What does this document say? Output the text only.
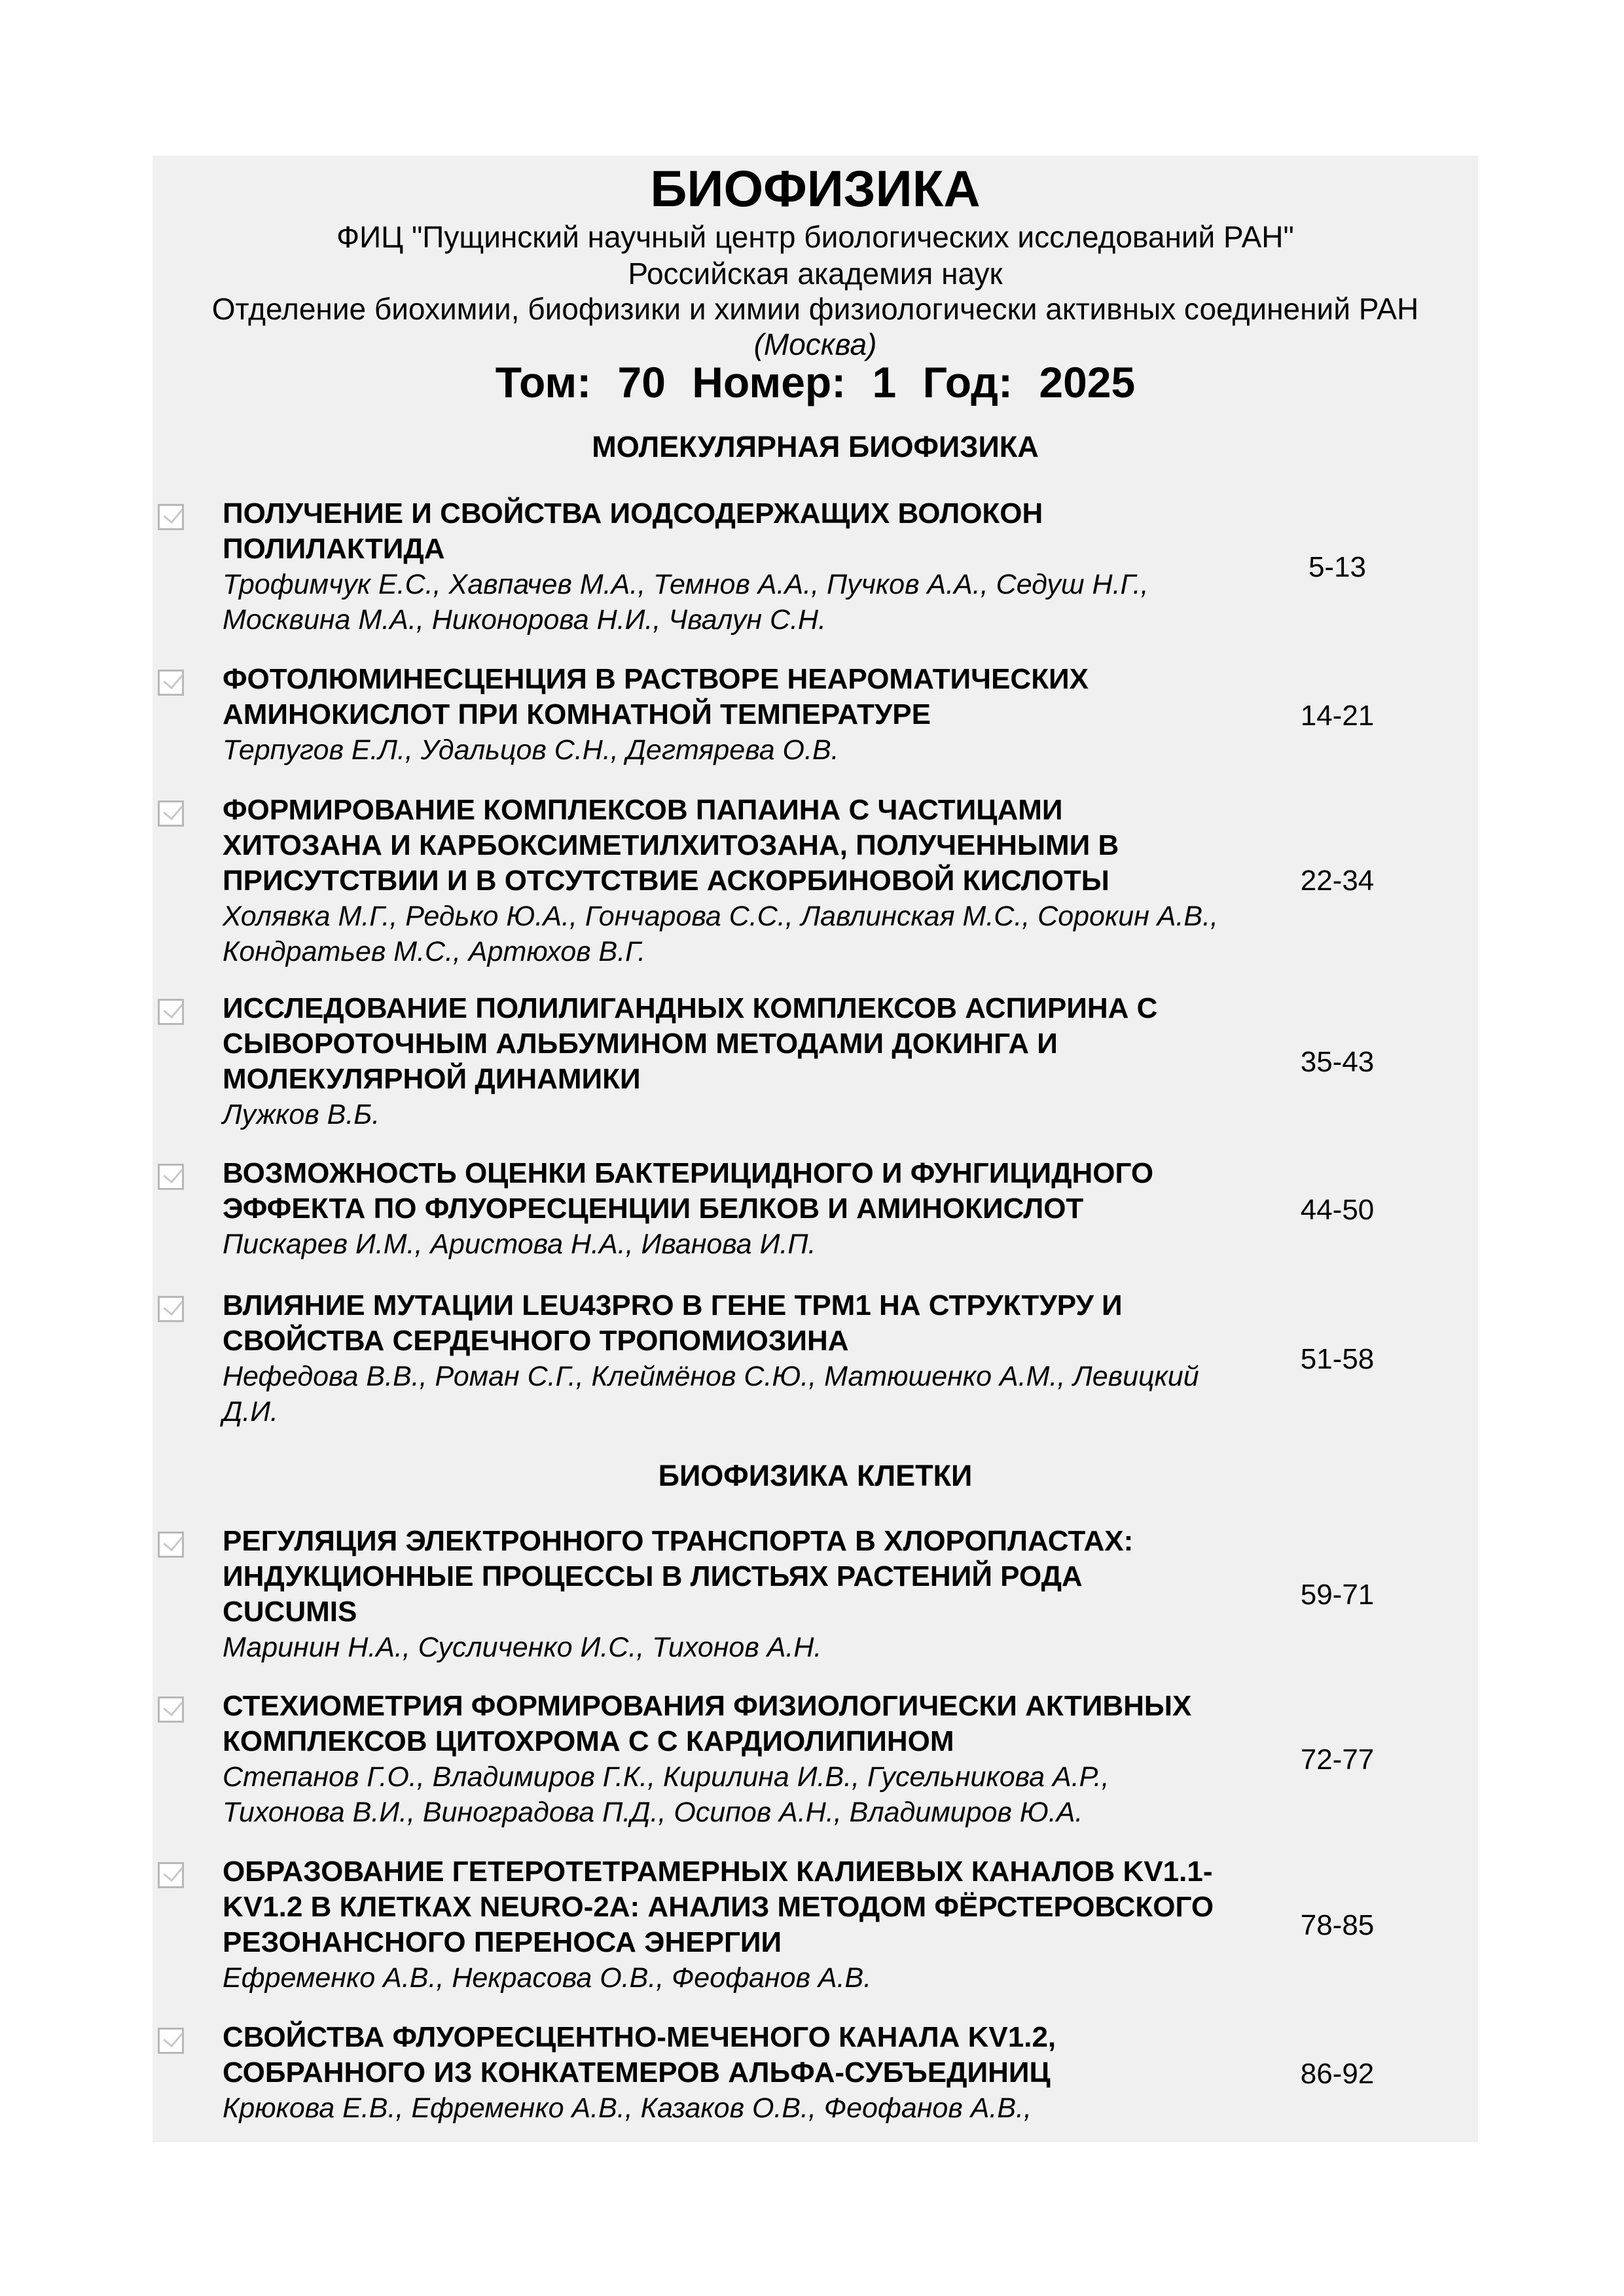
БИОФИЗИКА
ФИЦ "Пущинский научный центр биологических исследований РАН"
Российская академия наук
Отделение биохимии, биофизики и химии физиологически активных соединений РАН
(Москва)
Том: 70 Номер: 1 Год: 2025
МОЛЕКУЛЯРНАЯ БИОФИЗИКА
ПОЛУЧЕНИЕ И СВОЙСТВА ИОДСОДЕРЖАЩИХ ВОЛОКОН ПОЛИЛАКТИДА
Трофимчук Е.С., Хавпачев М.А., Темнов А.А., Пучков А.А., Седуш Н.Г., Москвина М.А., Никонорова Н.И., Чвалун С.Н.
5-13
ФОТОЛЮМИНЕСЦЕНЦИЯ В РАСТВОРЕ НЕАРОМАТИЧЕСКИХ АМИНОКИСЛОТ ПРИ КОМНАТНОЙ ТЕМПЕРАТУРЕ
Терпугов Е.Л., Удальцов С.Н., Дегтярева О.В.
14-21
ФОРМИРОВАНИЕ КОМПЛЕКСОВ ПАПАИНА С ЧАСТИЦАМИ ХИТОЗАНА И КАРБОКСИМЕТИЛХИТОЗАНА, ПОЛУЧЕННЫМИ В ПРИСУТСТВИИ И В ОТСУТСТВИЕ АСКОРБИНОВОЙ КИСЛОТЫ
Холявка М.Г., Редько Ю.А., Гончарова С.С., Лавлинская М.С., Сорокин А.В., Кондратьев М.С., Артюхов В.Г.
22-34
ИССЛЕДОВАНИЕ ПОЛИЛИГАНДНЫХ КОМПЛЕКСОВ АСПИРИНА С СЫВОРОТОЧНЫМ АЛЬБУМИНОМ МЕТОДАМИ ДОКИНГА И МОЛЕКУЛЯРНОЙ ДИНАМИКИ
Лужков В.Б.
35-43
ВОЗМОЖНОСТЬ ОЦЕНКИ БАКТЕРИЦИДНОГО И ФУНГИЦИДНОГО ЭФФЕКТА ПО ФЛУОРЕСЦЕНЦИИ БЕЛКОВ И АМИНОКИСЛОТ
Пискарев И.М., Аристова Н.А., Иванова И.П.
44-50
ВЛИЯНИЕ МУТАЦИИ LEU43PRO В ГЕНЕ TPM1 НА СТРУКТУРУ И СВОЙСТВА СЕРДЕЧНОГО ТРОПОМИОЗИНА
Нефедова В.В., Роман С.Г., Клеймёнов С.Ю., Матюшенко А.М., Левицкий Д.И.
51-58
БИОФИЗИКА КЛЕТКИ
РЕГУЛЯЦИЯ ЭЛЕКТРОННОГО ТРАНСПОРТА В ХЛОРОПЛАСТАХ: ИНДУКЦИОННЫЕ ПРОЦЕССЫ В ЛИСТЬЯХ РАСТЕНИЙ РОДА CUCUMIS
Маринин Н.А., Сусличенко И.С., Тихонов А.Н.
59-71
СТЕХИОМЕТРИЯ ФОРМИРОВАНИЯ ФИЗИОЛОГИЧЕСКИ АКТИВНЫХ КОМПЛЕКСОВ ЦИТОХРОМА С С КАРДИОЛИПИНОМ
Степанов Г.О., Владимиров Г.К., Кирилина И.В., Гусельникова А.Р., Тихонова В.И., Виноградова П.Д., Осипов А.Н., Владимиров Ю.А.
72-77
ОБРАЗОВАНИЕ ГЕТЕРОТЕТРАМЕРНЫХ КАЛИЕВЫХ КАНАЛОВ KV1.1-KV1.2 В КЛЕТКАХ NEURO-2A: АНАЛИЗ МЕТОДОМ ФЁРСТЕРОВСКОГО РЕЗОНАНСНОГО ПЕРЕНОСА ЭНЕРГИИ
Ефременко А.В., Некрасова О.В., Феофанов А.В.
78-85
СВОЙСТВА ФЛУОРЕСЦЕНТНО-МЕЧЕНОГО КАНАЛА KV1.2, СОБРАННОГО ИЗ КОНКАТЕМЕРОВ АЛЬФА-СУБЪЕДИНИЦ
Крюкова Е.В., Ефременко А.В., Казаков О.В., Феофанов А.В.,
86-92
